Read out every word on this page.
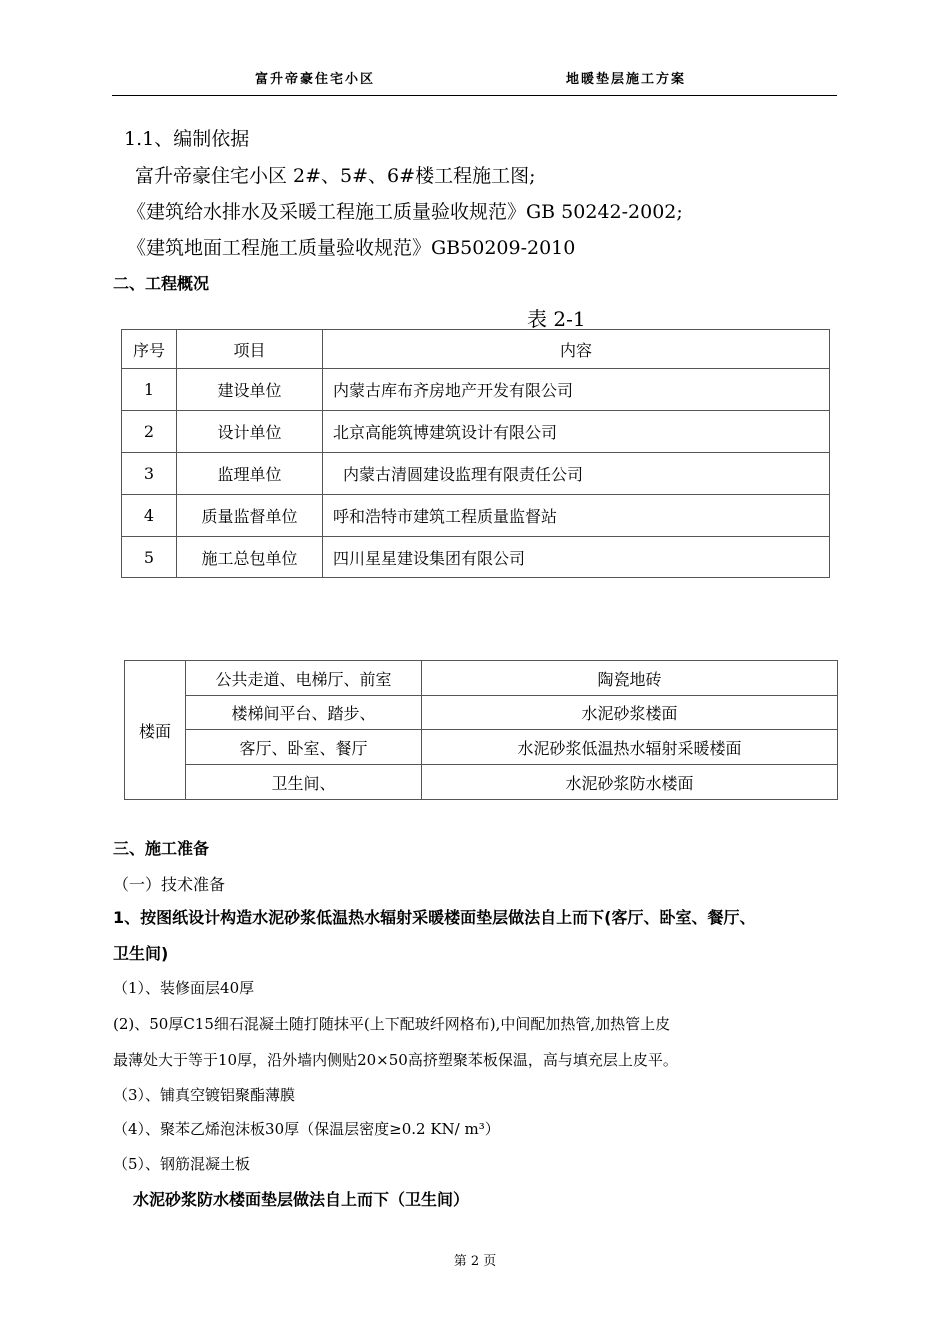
富升帝豪住宅小区	地暖垫层施工方案
1.1、编制依据
富升帝豪住宅小区 2#、5#、6#楼工程施工图;
《建筑给水排水及采暖工程施工质量验收规范》GB 50242-2002;
《建筑地面工程施工质量验收规范》GB50209-2010
二、工程概况
表 2-1
序号	项目	内容
1	建设单位	内蒙古库布齐房地产开发有限公司
2	设计单位	北京高能筑博建筑设计有限公司
3	监理单位	内蒙古清圆建设监理有限责任公司
4	质量监督单位	呼和浩特市建筑工程质量监督站
5	施工总包单位	四川星星建设集团有限公司
楼面	公共走道、电梯厅、前室	陶瓷地砖
	楼梯间平台、踏步、	水泥砂浆楼面
	客厅、卧室、餐厅	水泥砂浆低温热水辐射采暖楼面
	卫生间、	水泥砂浆防水楼面
三、施工准备
（一）技术准备
1、按图纸设计构造水泥砂浆低温热水辐射采暖楼面垫层做法自上而下(客厅、卧室、餐厅、
卫生间)
（1）、装修面层40厚
(2)、50厚C15细石混凝土随打随抹平(上下配玻纤网格布),中间配加热管,加热管上皮
最薄处大于等于10厚，沿外墙内侧贴20×50高挤塑聚苯板保温，高与填充层上皮平。
（3）、铺真空镀铝聚酯薄膜
（4）、聚苯乙烯泡沫板30厚（保温层密度≥0.2 KN/ m³）
（5）、钢筋混凝土板
水泥砂浆防水楼面垫层做法自上而下（卫生间）
第 2 页
